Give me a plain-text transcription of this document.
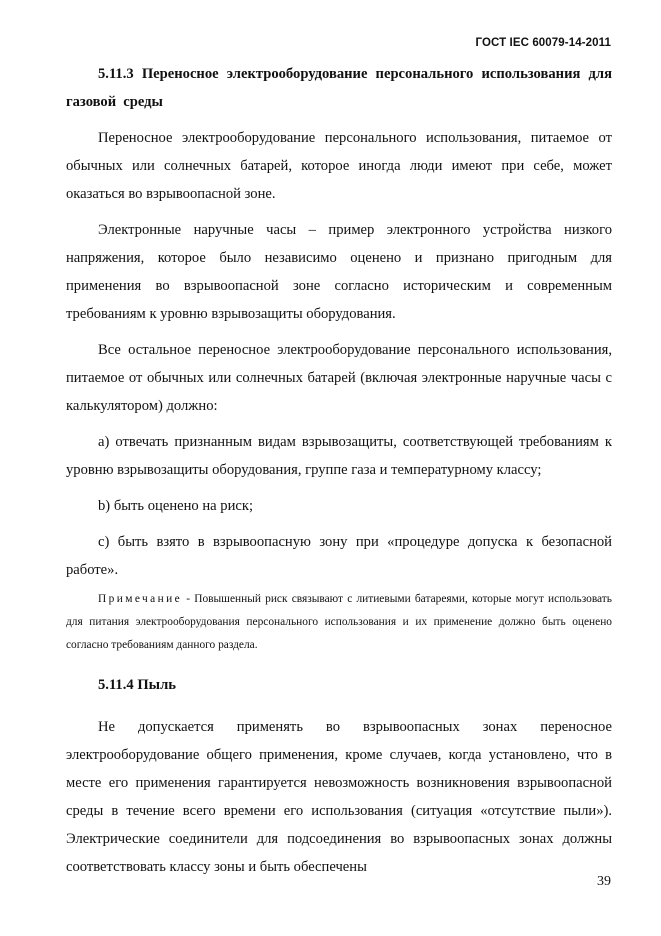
ГОСТ IEC 60079-14-2011

5.11.3 Переносное электрооборудование персонального использования для газовой среды

Переносное электрооборудование персонального использования, питаемое от обычных или солнечных батарей, которое иногда люди имеют при себе, может оказаться во взрывоопасной зоне.

Электронные наручные часы – пример электронного устройства низкого напряжения, которое было независимо оценено и признано пригодным для применения во взрывоопасной зоне согласно историческим и современным требованиям к уровню взрывозащиты оборудования.

Все остальное переносное электрооборудование персонального использования, питаемое от обычных или солнечных батарей (включая электронные наручные часы с калькулятором) должно:

a) отвечать признанным видам взрывозащиты, соответствующей требованиям к уровню взрывозащиты оборудования, группе газа и температурному классу;

b) быть оценено на риск;

c) быть взято в взрывоопасную зону при «процедуре допуска к безопасной работе».

Примечание - Повышенный риск связывают с литиевыми батареями, которые могут использовать для питания электрооборудования персонального использования и их применение должно быть оценено согласно требованиям данного раздела.

5.11.4 Пыль

Не допускается применять во взрывоопасных зонах переносное электрооборудование общего применения, кроме случаев, когда установлено, что в месте его применения гарантируется невозможность возникновения взрывоопасной среды в течение всего времени его использования (ситуация «отсутствие пыли»). Электрические соединители для подсоединения во взрывоопасных зонах должны соответствовать классу зоны и быть обеспечены

39
